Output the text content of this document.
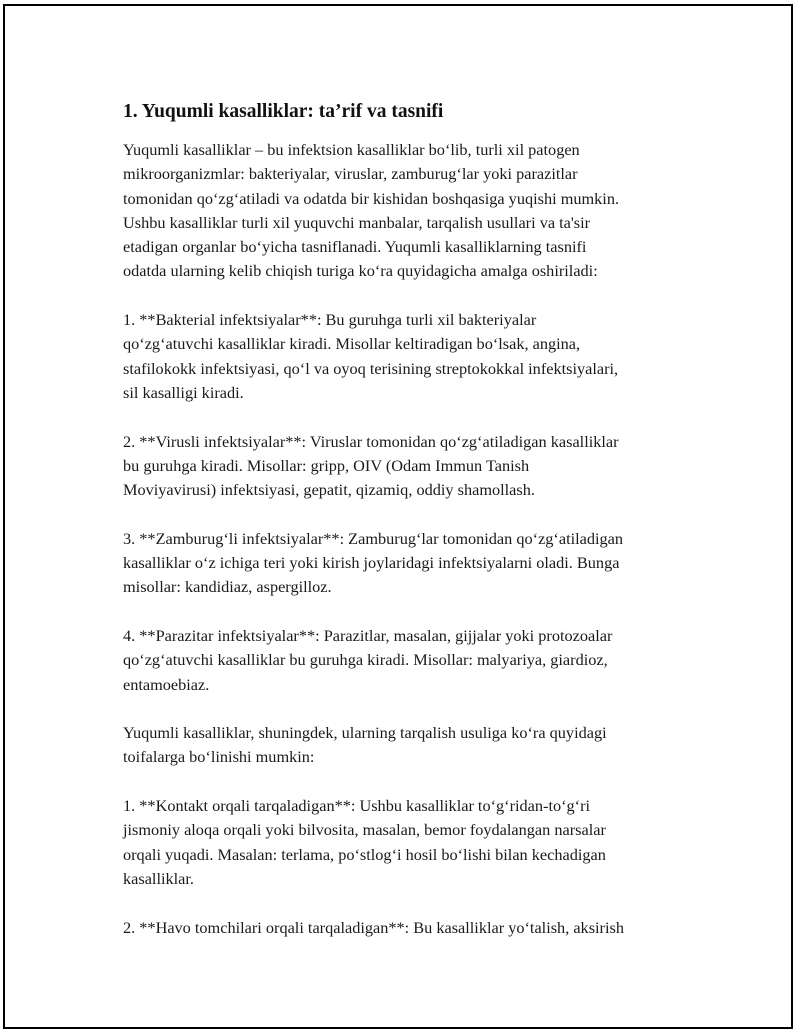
1. Yuqumli kasalliklar: ta’rif va tasnifi

Yuqumli kasalliklar – bu infektsion kasalliklar bo‘lib, turli xil patogen
mikroorganizmlar: bakteriyalar, viruslar, zamburug‘lar yoki parazitlar
tomonidan qo‘zg‘atiladi va odatda bir kishidan boshqasiga yuqishi mumkin.
Ushbu kasalliklar turli xil yuquvchi manbalar, tarqalish usullari va ta'sir
etadigan organlar bo‘yicha tasniflanadi. Yuqumli kasalliklarning tasnifi
odatda ularning kelib chiqish turiga ko‘ra quyidagicha amalga oshiriladi:

1. **Bakterial infektsiyalar**: Bu guruhga turli xil bakteriyalar
qo‘zg‘atuvchi kasalliklar kiradi. Misollar keltiradigan bo‘lsak, angina,
stafilokokk infektsiyasi, qo‘l va oyoq terisining streptokokkal infektsiyalari,
sil kasalligi kiradi.

2. **Virusli infektsiyalar**: Viruslar tomonidan qo‘zg‘atiladigan kasalliklar
bu guruhga kiradi. Misollar: gripp, OIV (Odam Immun Tanish
Moviyavirusi) infektsiyasi, gepatit, qizamiq, oddiy shamollash.

3. **Zamburug‘li infektsiyalar**: Zamburug‘lar tomonidan qo‘zg‘atiladigan
kasalliklar o‘z ichiga teri yoki kirish joylaridagi infektsiyalarni oladi. Bunga
misollar: kandidiaz, aspergilloz.

4. **Parazitar infektsiyalar**: Parazitlar, masalan, gijjalar yoki protozoalar
qo‘zg‘atuvchi kasalliklar bu guruhga kiradi. Misollar: malyariya, giardioz,
entamoebiaz.

Yuqumli kasalliklar, shuningdek, ularning tarqalish usuliga ko‘ra quyidagi
toifalarga bo‘linishi mumkin:

1. **Kontakt orqali tarqaladigan**: Ushbu kasalliklar to‘g‘ridan-to‘g‘ri
jismoniy aloqa orqali yoki bilvosita, masalan, bemor foydalangan narsalar
orqali yuqadi. Masalan: terlama, po‘stlog‘i hosil bo‘lishi bilan kechadigan
kasalliklar.

2. **Havo tomchilari orqali tarqaladigan**: Bu kasalliklar yo‘talish, aksirish
